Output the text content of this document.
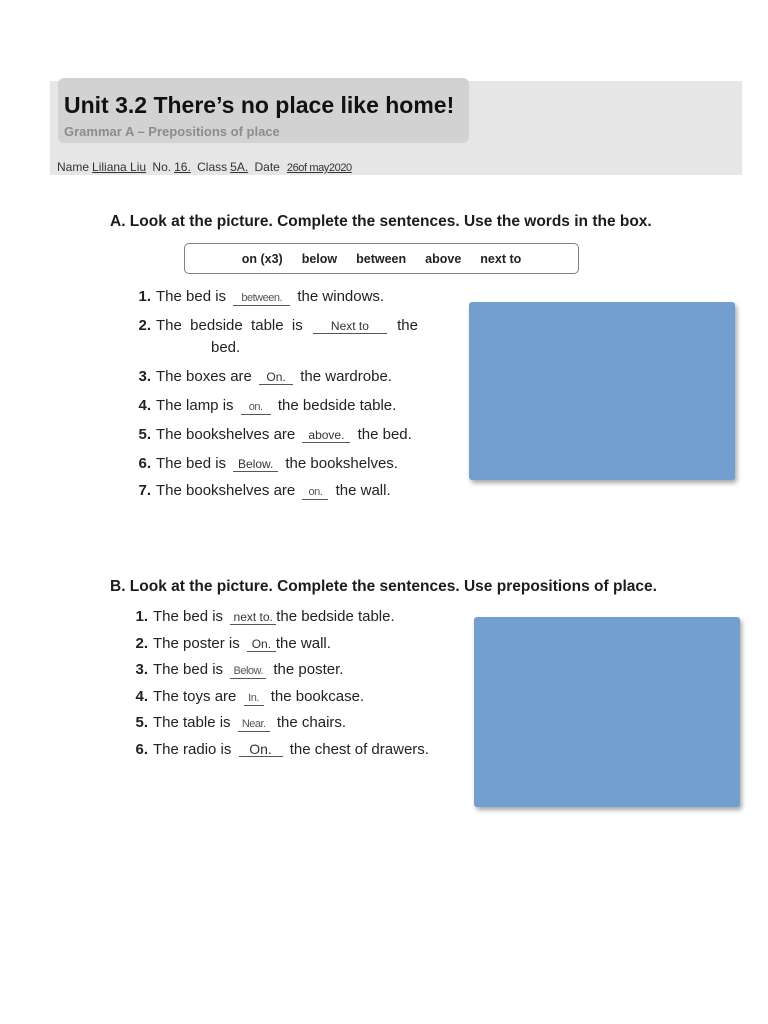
Unit 3.2 There’s no place like home!
Grammar A – Prepositions of place
Name Liliana Liu No. 16. Class 5A. Date 26of may2020
A. Look at the picture. Complete the sentences. Use the words in the box.
on (x3) below between above next to
1. The bed is between. the windows.
2. The  bedside  table  is Next to the
bed.
3. The boxes are On. the wardrobe.
4. The lamp is on. the bedside table.
5. The bookshelves are above. the bed.
6. The bed is Below. the bookshelves.
7. The bookshelves are on. the wall.
B. Look at the picture. Complete the sentences. Use prepositions of place.
1. The bed is next to. the bedside table.
2. The poster is On. the wall.
3. The bed is Below. the poster.
4. The toys are In. the bookcase.
5. The table is Near. the chairs.
6. The radio is On. the chest of drawers.
